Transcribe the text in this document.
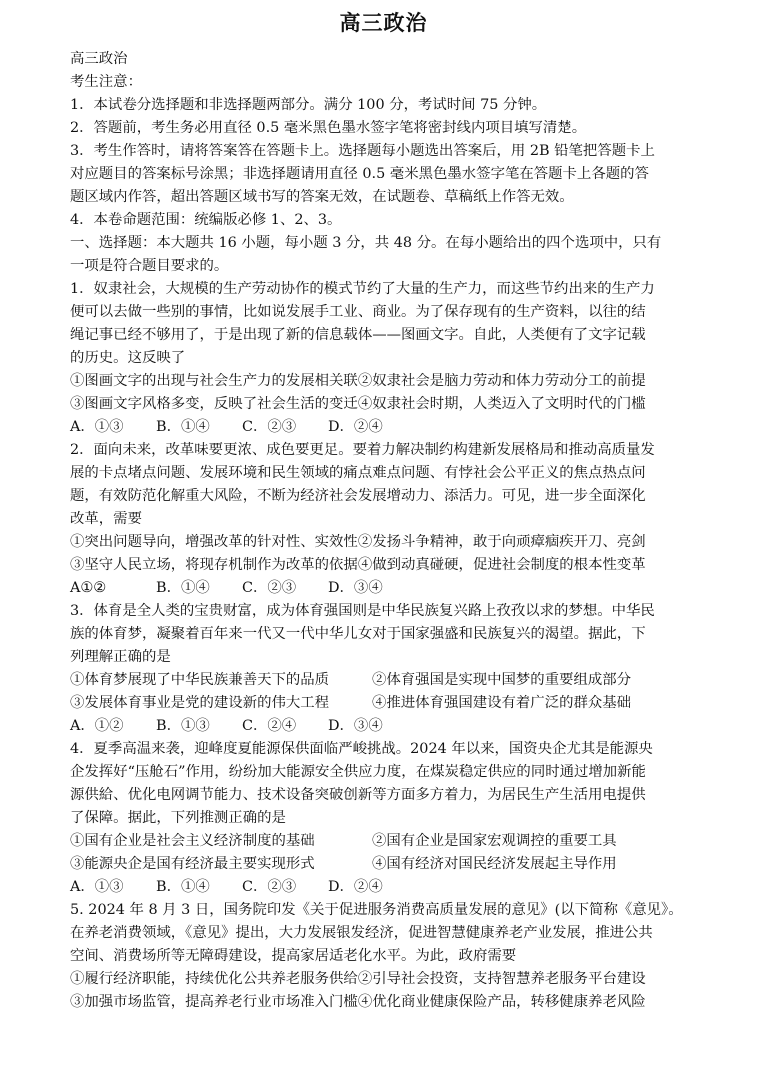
高三政治
高三政治
考生注意：
1．本试卷分选择题和非选择题两部分。满分 100 分，考试时间 75 分钟。
2．答题前，考生务必用直径 0.5 毫米黑色墨水签字笔将密封线内项目填写清楚。
3．考生作答时，请将答案答在答题卡上。选择题每小题选出答案后，用 2B 铅笔把答题卡上
对应题目的答案标号涂黑；非选择题请用直径 0.5 毫米黑色墨水签字笔在答题卡上各题的答
题区域内作答，超出答题区域书写的答案无效，在试题卷、草稿纸上作答无效。
4．本卷命题范围：统编版必修 1、2、3。
一、选择题：本大题共 16 小题，每小题 3 分，共 48 分。在每小题给出的四个选项中，只有
一项是符合题目要求的。
1．奴隶社会，大规模的生产劳动协作的模式节约了大量的生产力，而这些节约出来的生产力
便可以去做一些别的事情，比如说发展手工业、商业。为了保存现有的生产资料，以往的结
绳记事已经不够用了，于是出现了新的信息载体——图画文字。自此，人类便有了文字记载
的历史。这反映了
①图画文字的出现与社会生产力的发展相关联②奴隶社会是脑力劳动和体力劳动分工的前提
③图画文字风格多变，反映了社会生活的变迁④奴隶社会时期，人类迈入了文明时代的门槛
A．①③ B．①④ C．②③ D．②④
2．面向未来，改革味要更浓、成色要更足。要着力解决制约构建新发展格局和推动高质量发
展的卡点堵点问题、发展环境和民生领域的痛点难点问题、有悖社会公平正义的焦点热点问
题，有效防范化解重大风险，不断为经济社会发展增动力、添活力。可见，进一步全面深化
改革，需要
①突出问题导向，增强改革的针对性、实效性②发扬斗争精神，敢于向顽瘴痼疾开刀、亮剑
③坚守人民立场，将现存机制作为改革的依据④做到动真碰硬，促进社会制度的根本性变革
A①②	B．①④ C．②③ D．③④
3．体育是全人类的宝贵财富，成为体育强国则是中华民族复兴路上孜孜以求的梦想。中华民
族的体育梦，凝聚着百年来一代又一代中华儿女对于国家强盛和民族复兴的渴望。据此，下
列理解正确的是
①体育梦展现了中华民族兼善天下的品质	②体育强国是实现中国梦的重要组成部分
③发展体育事业是党的建设新的伟大工程	④推进体育强国建设有着广泛的群众基础
A．①② B．①③ C．②④ D．③④
4．夏季高温来袭，迎峰度夏能源保供面临严峻挑战。2024 年以来，国资央企尤其是能源央
企发挥好“压舱石”作用，纷纷加大能源安全供应力度，在煤炭稳定供应的同时通过增加新能
源供給、优化电网调节能力、技术设备突破创新等方面多方着力，为居民生产生活用电提供
了保障。据此，下列推测正确的是
①国有企业是社会主义经济制度的基础	②国有企业是国家宏观调控的重要工具
③能源央企是国有经济最主要实现形式	④国有经济对国民经济发展起主导作用
A．①③ B．①④ C．②③ D．②④
5. 2024 年 8 月 3 日，国务院印发《关于促进服务消费高质量发展的意见》(以下简称《意见》。
在养老消费领域，《意见》提出，大力发展银发经济，促进智慧健康养老产业发展，推进公共
空间、消费场所等无障碍建设，提高家居适老化水平。为此，政府需要
①履行经济职能，持续优化公共养老服务供给②引导社会投资，支持智慧养老服务平台建设
③加强市场监管，提高养老行业市场准入门槛④优化商业健康保险产品，转移健康养老风险
